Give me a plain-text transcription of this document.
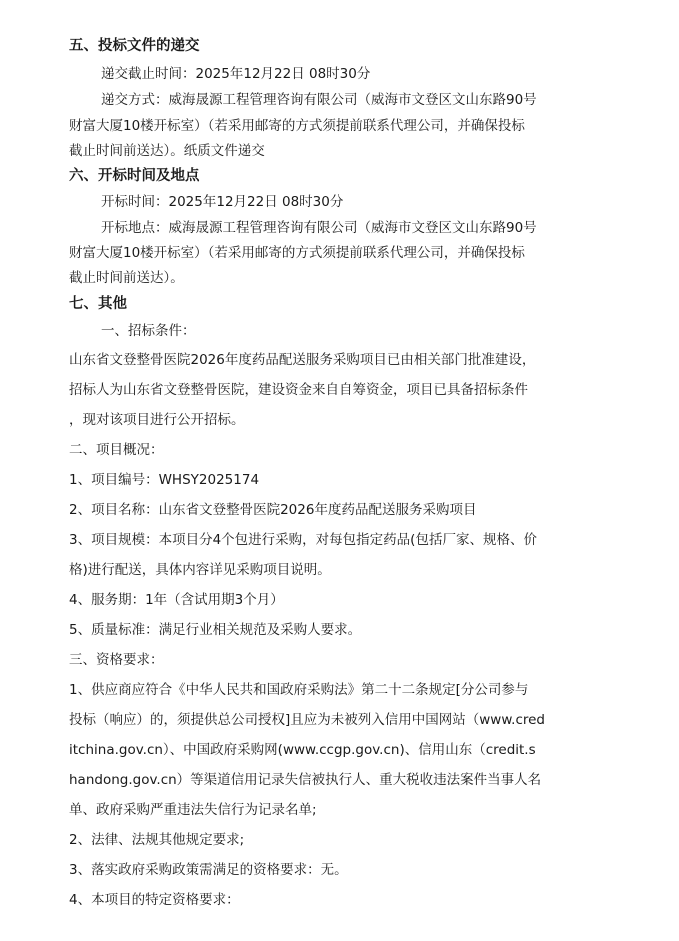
五、投标文件的递交
递交截止时间：2025年12月22日 08时30分
递交方式：威海晟源工程管理咨询有限公司（威海市文登区文山东路90号
财富大厦10楼开标室）（若采用邮寄的方式须提前联系代理公司，并确保投标
截止时间前送达）。纸质文件递交
六、开标时间及地点
开标时间：2025年12月22日 08时30分
开标地点：威海晟源工程管理咨询有限公司（威海市文登区文山东路90号
财富大厦10楼开标室）（若采用邮寄的方式须提前联系代理公司，并确保投标
截止时间前送达）。
七、其他
一、招标条件：
山东省文登整骨医院2026年度药品配送服务采购项目已由相关部门批准建设，
招标人为山东省文登整骨医院，建设资金来自自筹资金，项目已具备招标条件
，现对该项目进行公开招标。
二、项目概况：
1、项目编号：WHSY2025174
2、项目名称：山东省文登整骨医院2026年度药品配送服务采购项目
3、项目规模：本项目分4个包进行采购，对每包指定药品(包括厂家、规格、价
格)进行配送，具体内容详见采购项目说明。
4、服务期：1年（含试用期3个月）
5、质量标准：满足行业相关规范及采购人要求。
三、资格要求：
1、供应商应符合《中华人民共和国政府采购法》第二十二条规定[分公司参与
投标（响应）的，须提供总公司授权]且应为未被列入信用中国网站（www.cred
itchina.gov.cn）、中国政府采购网(www.ccgp.gov.cn)、信用山东（credit.s
handong.gov.cn）等渠道信用记录失信被执行人、重大税收违法案件当事人名
单、政府采购严重违法失信行为记录名单;
2、法律、法规其他规定要求;
3、落实政府采购政策需满足的资格要求：无。
4、本项目的特定资格要求：
